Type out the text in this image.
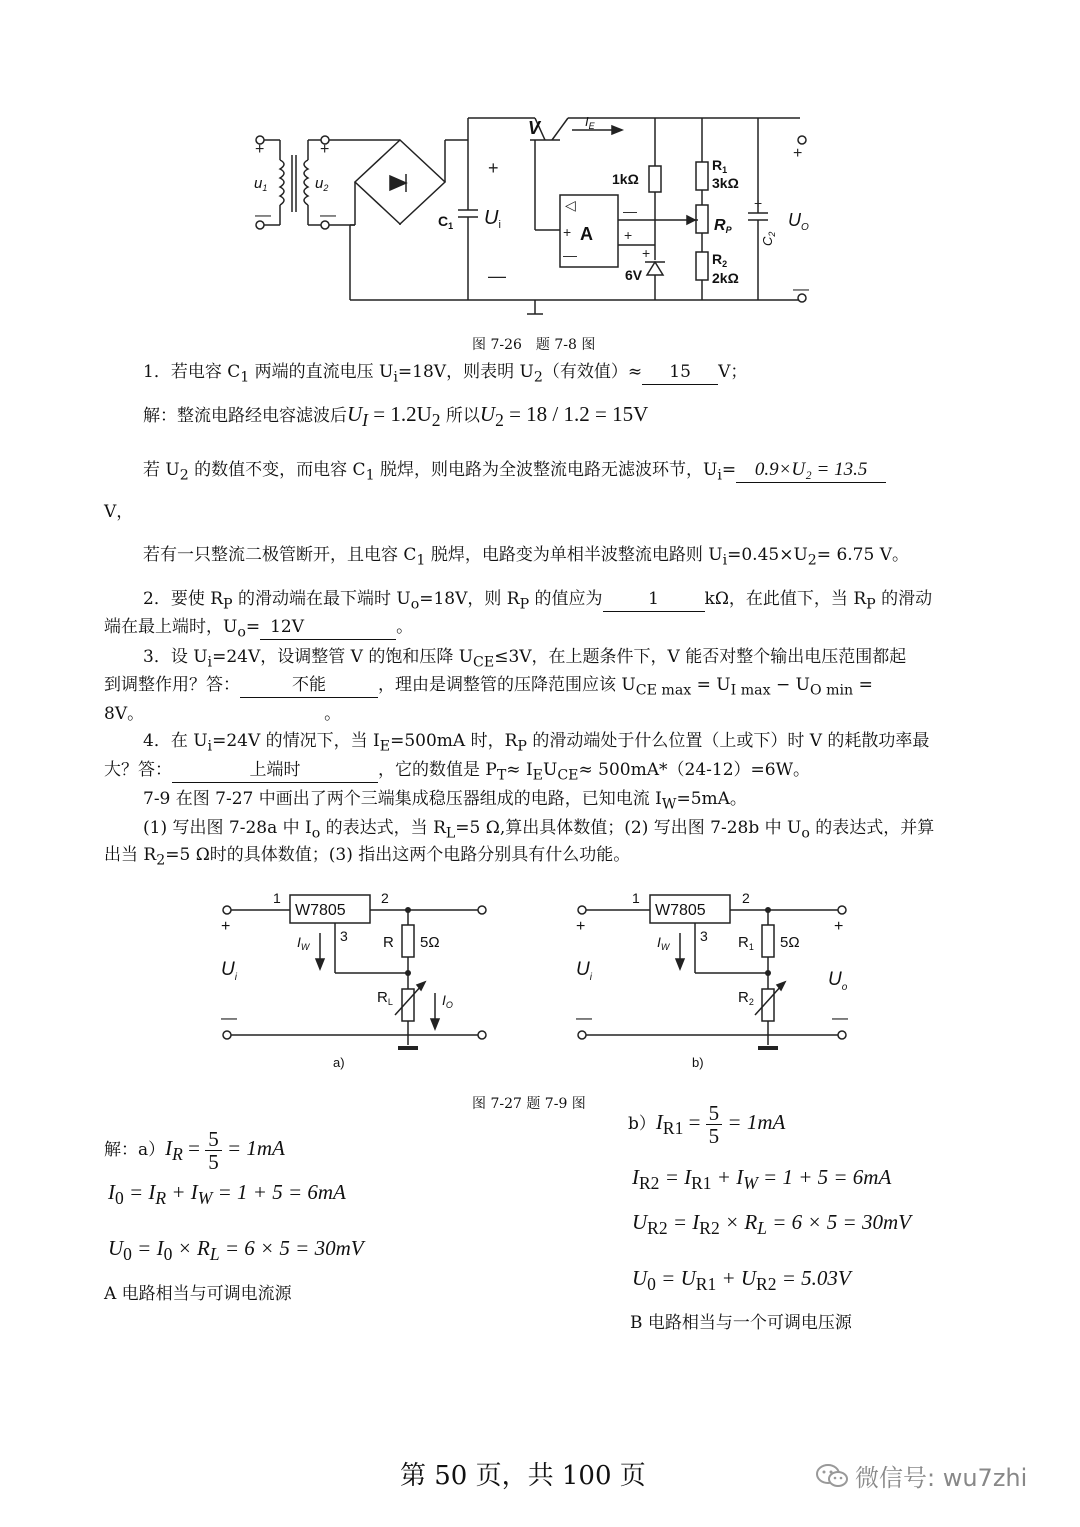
+
—
+
—
+
—
+
—
◁
+
—
—
+
+
+
$u_1$	$u_2$
V	$I_E$
1kΩ
$R_1$
3kΩ
$C_1$ $U_i$	A	RP
$C_2$
$U_O$
6V
$R_2$
2kΩ
图 7-26　题 7-8 图
1．若电容 $C_1$ 两端的直流电压 $U_i=18V$，则表明 $U_2$（有效值）≈ 15 V；
解：整流电路经电容滤波后$U_I = 1.2U_2$ 所以$U_2 = 18 / 1.2 = 15V$
若 $U_2$ 的数值不变，而电容 $C_1$ 脱焊，则电路为全波整流电路无滤波环节，$U_i= 0.9\times U_2 = 13.5$
V，
若有一只整流二极管断开，且电容 $C_1$ 脱焊，电路变为单相半波整流电路则 $U_i=0.45\times U_2= 6.75$ V。
2．要使 $R_P$ 的滑动端在最下端时 $U_o=18V$，则 $R_P$ 的值应为	1	kΩ，在此值下，当 $R_P$ 的滑动
端在最上端时，$U_o= 12V$	。
3．设 $U_i=24V$，设调整管 V 的饱和压降 $U_{CE}\le 3V$，在上题条件下，V 能否对整个输出电压范围都起
到调整作用？答：	不能	，理由是调整管的压降范围应该 $U_{CE max} = U_{I max} - U_{O min}$ =
8V。	。
4．在 $U_i=24V$ 的情况下，当 $I_E=500mA$ 时，$R_P$ 的滑动端处于什么位置（上或下）时 V 的耗散功率最
大？答：	上端时	，它的数值是 $P_T\approx I_EU_{CE}\approx 500mA*(24-12)=6W$。
7-9 在图 7-27 中画出了两个三端集成稳压器组成的电路，已知电流 $I_W=5mA$。
(1) 写出图 7-28a 中 $I_o$ 的表达式，当 $R_L=5$ Ω,算出具体数值；(2) 写出图 7-28b 中 $U_o$ 的表达式，并算
出当 $R_2=5$ Ω时的具体数值；(3) 指出这两个电路分别具有什么功能。
W7805
1	2
3
$I_W$	R 5Ω
$U_i$
$R_L$	$I_O$
+
—
a)
W7805
1	2
3
$I_W$	$R_1$ 5Ω
$U_i$
$R_2$
$U_o$
+
—
+
—
b)
图 7-27 题 7-9 图
解：$a)I_R = \frac{5}{5} = 1mA$
$I_0 = I_R + I_W = 1 + 5 = 6mA$
$U_0 = I_0 \times R_L = 6 \times 5 = 30mV$
A 电路相当与可调电流源
$b)I_{R1} = \frac{5}{5} = 1mA$
$I_{R2} = I_{R1} + I_W = 1 + 5 = 6mA$
$U_{R2} = I_{R2} \times R_L = 6 \times 5 = 30mV$
$U_0 = U_{R1} + U_{R2} = 5.03V$
B 电路相当与一个可调电压源
第 50 页，共 100 页	微信号: wu7zhi
